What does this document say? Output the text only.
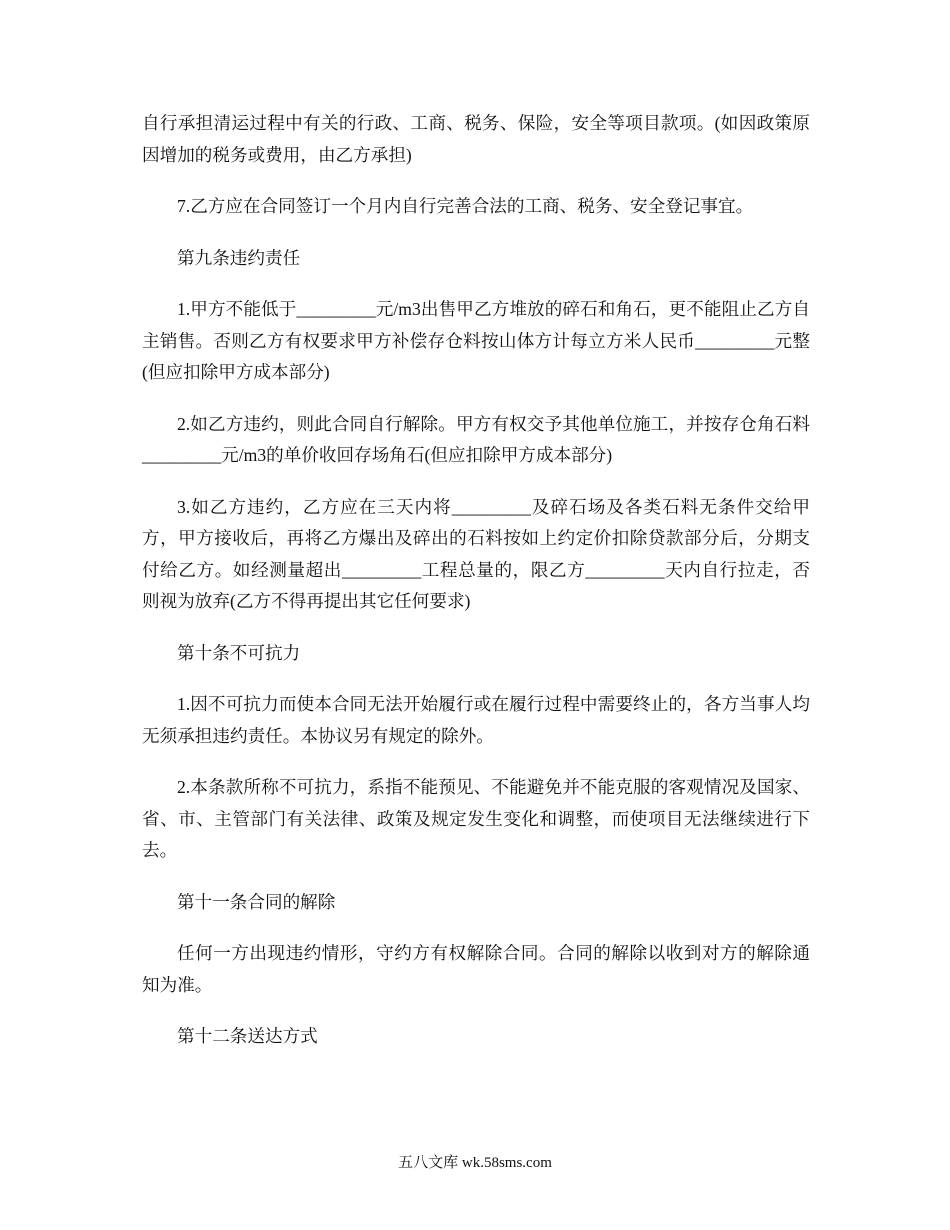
自行承担清运过程中有关的行政、工商、税务、保险，安全等项目款项。(如因政策原因增加的税务或费用，由乙方承担)

7.乙方应在合同签订一个月内自行完善合法的工商、税务、安全登记事宜。

第九条违约责任

1.甲方不能低于_________元/m3出售甲乙方堆放的碎石和角石，更不能阻止乙方自主销售。否则乙方有权要求甲方补偿存仓料按山体方计每立方米人民币_________元整(但应扣除甲方成本部分)

2.如乙方违约，则此合同自行解除。甲方有权交予其他单位施工，并按存仓角石料_________元/m3的单价收回存场角石(但应扣除甲方成本部分)

3.如乙方违约，乙方应在三天内将_________及碎石场及各类石料无条件交给甲方，甲方接收后，再将乙方爆出及碎出的石料按如上约定价扣除贷款部分后，分期支付给乙方。如经测量超出_________工程总量的，限乙方_________天内自行拉走，否则视为放弃(乙方不得再提出其它任何要求)

第十条不可抗力

1.因不可抗力而使本合同无法开始履行或在履行过程中需要终止的，各方当事人均无须承担违约责任。本协议另有规定的除外。

2.本条款所称不可抗力，系指不能预见、不能避免并不能克服的客观情况及国家、省、市、主管部门有关法律、政策及规定发生变化和调整，而使项目无法继续进行下去。

第十一条合同的解除

任何一方出现违约情形，守约方有权解除合同。合同的解除以收到对方的解除通知为准。

第十二条送达方式

五八文库 wk.58sms.com
